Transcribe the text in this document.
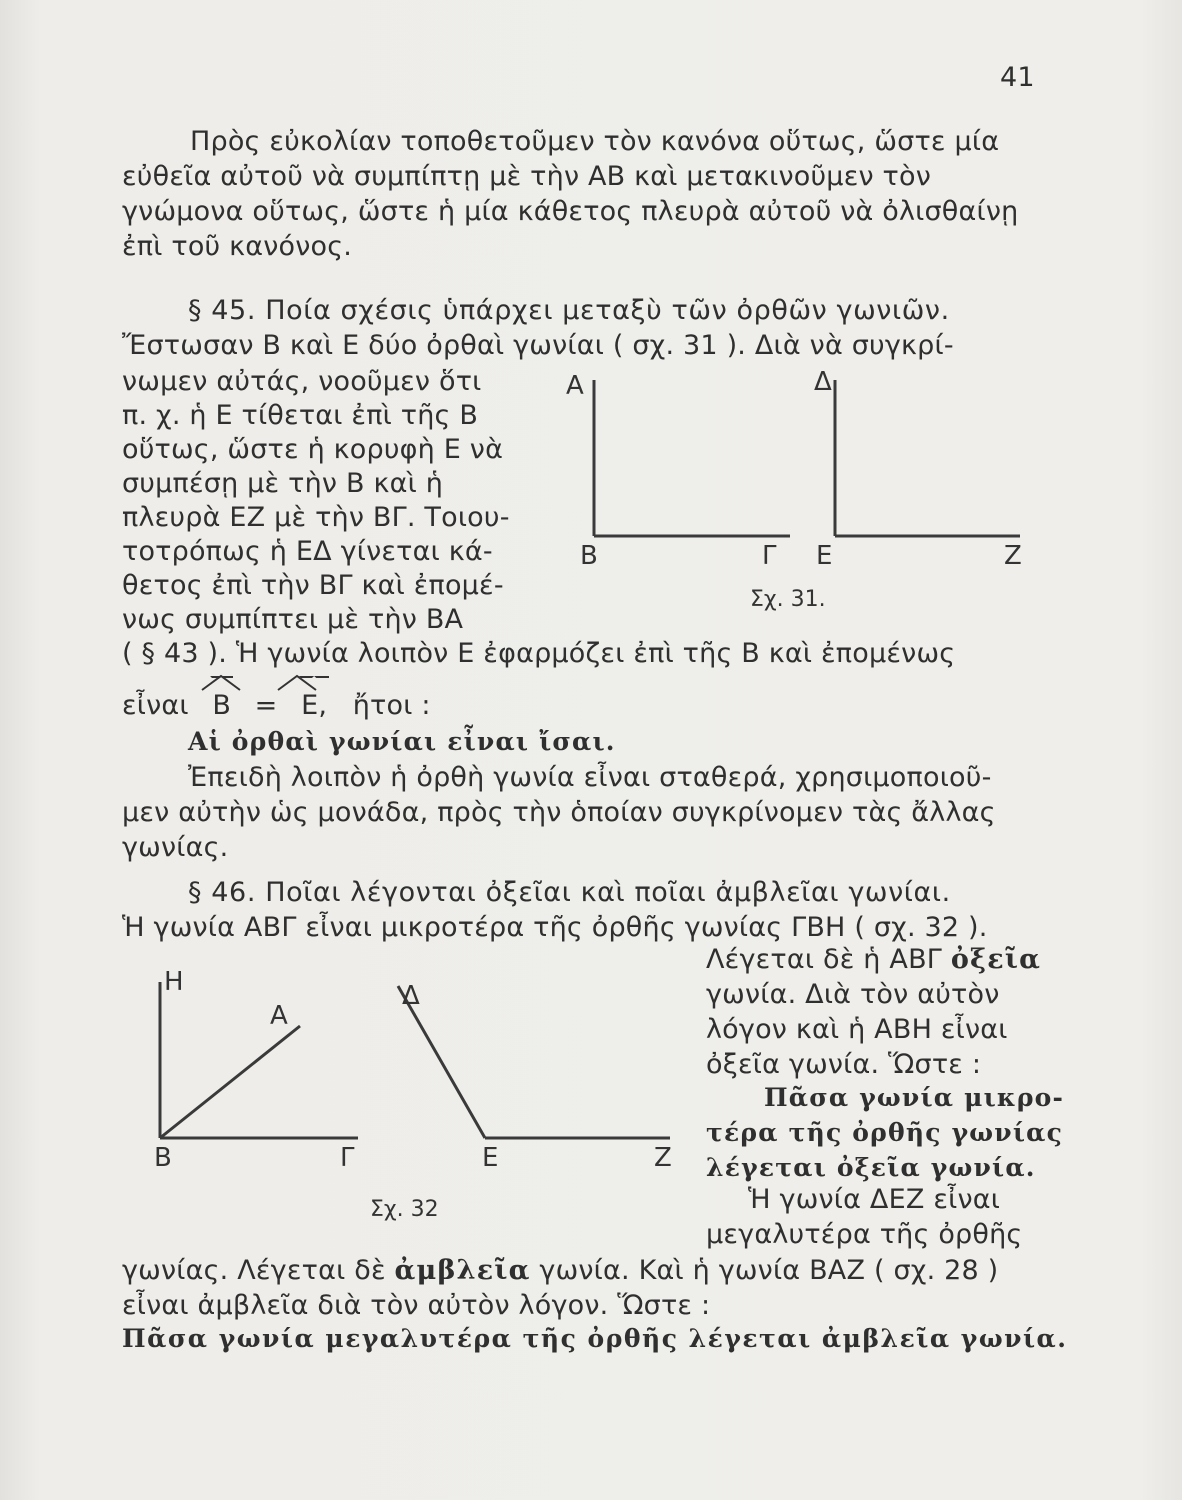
41
Πρὸς εὐκολίαν τοποθετοῦμεν τὸν κανόνα οὕτως, ὥστε μία
εὐθεῖα αὐτοῦ νὰ συμπίπτῃ μὲ τὴν ΑΒ καὶ μετακινοῦμεν τὸν
γνώμονα οὕτως, ὥστε ἡ μία κάθετος πλευρὰ αὐτοῦ νὰ ὀλισθαίνῃ
ἐπὶ τοῦ κανόνος.
§ 45. Ποία σχέσις ὑπάρχει μεταξὺ τῶν ὀρθῶν γωνιῶν.
Ἔστωσαν Β καὶ Ε δύο ὀρθαὶ γωνίαι ( σχ. 31 ). Διὰ νὰ συγκρί-
νωμεν αὐτάς, νοοῦμεν ὅτι
π. χ. ἡ Ε τίθεται ἐπὶ τῆς Β
οὕτως, ὥστε ἡ κορυφὴ Ε νὰ
συμπέσῃ μὲ τὴν Β καὶ ἡ
πλευρὰ ΕΖ μὲ τὴν ΒΓ. Τοιου-
τοτρόπως ἡ ΕΔ γίνεται κά-
θετος ἐπὶ τὴν ΒΓ καὶ ἐπομέ-
νως συμπίπτει μὲ τὴν ΒΑ
Α	Δ
Β	Γ Ε	Ζ
Σχ. 31.
( § 43 ). Ἡ γωνία λοιπὸν Ε ἐφαρμόζει ἐπὶ τῆς Β καὶ ἐπομένως
εἶναι Β = Ε, ἤτοι :
Αἱ ὀρθαὶ γωνίαι εἶναι ἴσαι.
Ἐπειδὴ λοιπὸν ἡ ὀρθὴ γωνία εἶναι σταθερά, χρησιμοποιοῦ-
μεν αὐτὴν ὡς μονάδα, πρὸς τὴν ὁποίαν συγκρίνομεν τὰς ἄλλας
γωνίας.
§ 46. Ποῖαι λέγονται ὀξεῖαι καὶ ποῖαι ἀμβλεῖαι γωνίαι.
Ἡ γωνία ΑΒΓ εἶναι μικροτέρα τῆς ὀρθῆς γωνίας ΓΒΗ ( σχ. 32 ).
Η
Α
Δ
Β	Γ	Ε	Ζ
Σχ. 32
Λέγεται δὲ ἡ ΑΒΓ ὀξεῖα
γωνία. Διὰ τὸν αὐτὸν
λόγον καὶ ἡ ΑΒΗ εἶναι
ὀξεῖα γωνία. Ὥστε :
Πᾶσα γωνία μικρο-
τέρα τῆς ὀρθῆς γωνίας
λέγεται ὀξεῖα γωνία.
Ἡ γωνία ΔΕΖ εἶναι
μεγαλυτέρα τῆς ὀρθῆς
γωνίας. Λέγεται δὲ ἀμβλεῖα γωνία. Καὶ ἡ γωνία ΒΑΖ ( σχ. 28 )
εἶναι ἀμβλεῖα διὰ τὸν αὐτὸν λόγον. Ὥστε :
Πᾶσα γωνία μεγαλυτέρα τῆς ὀρθῆς λέγεται ἀμβλεῖα γωνία.
